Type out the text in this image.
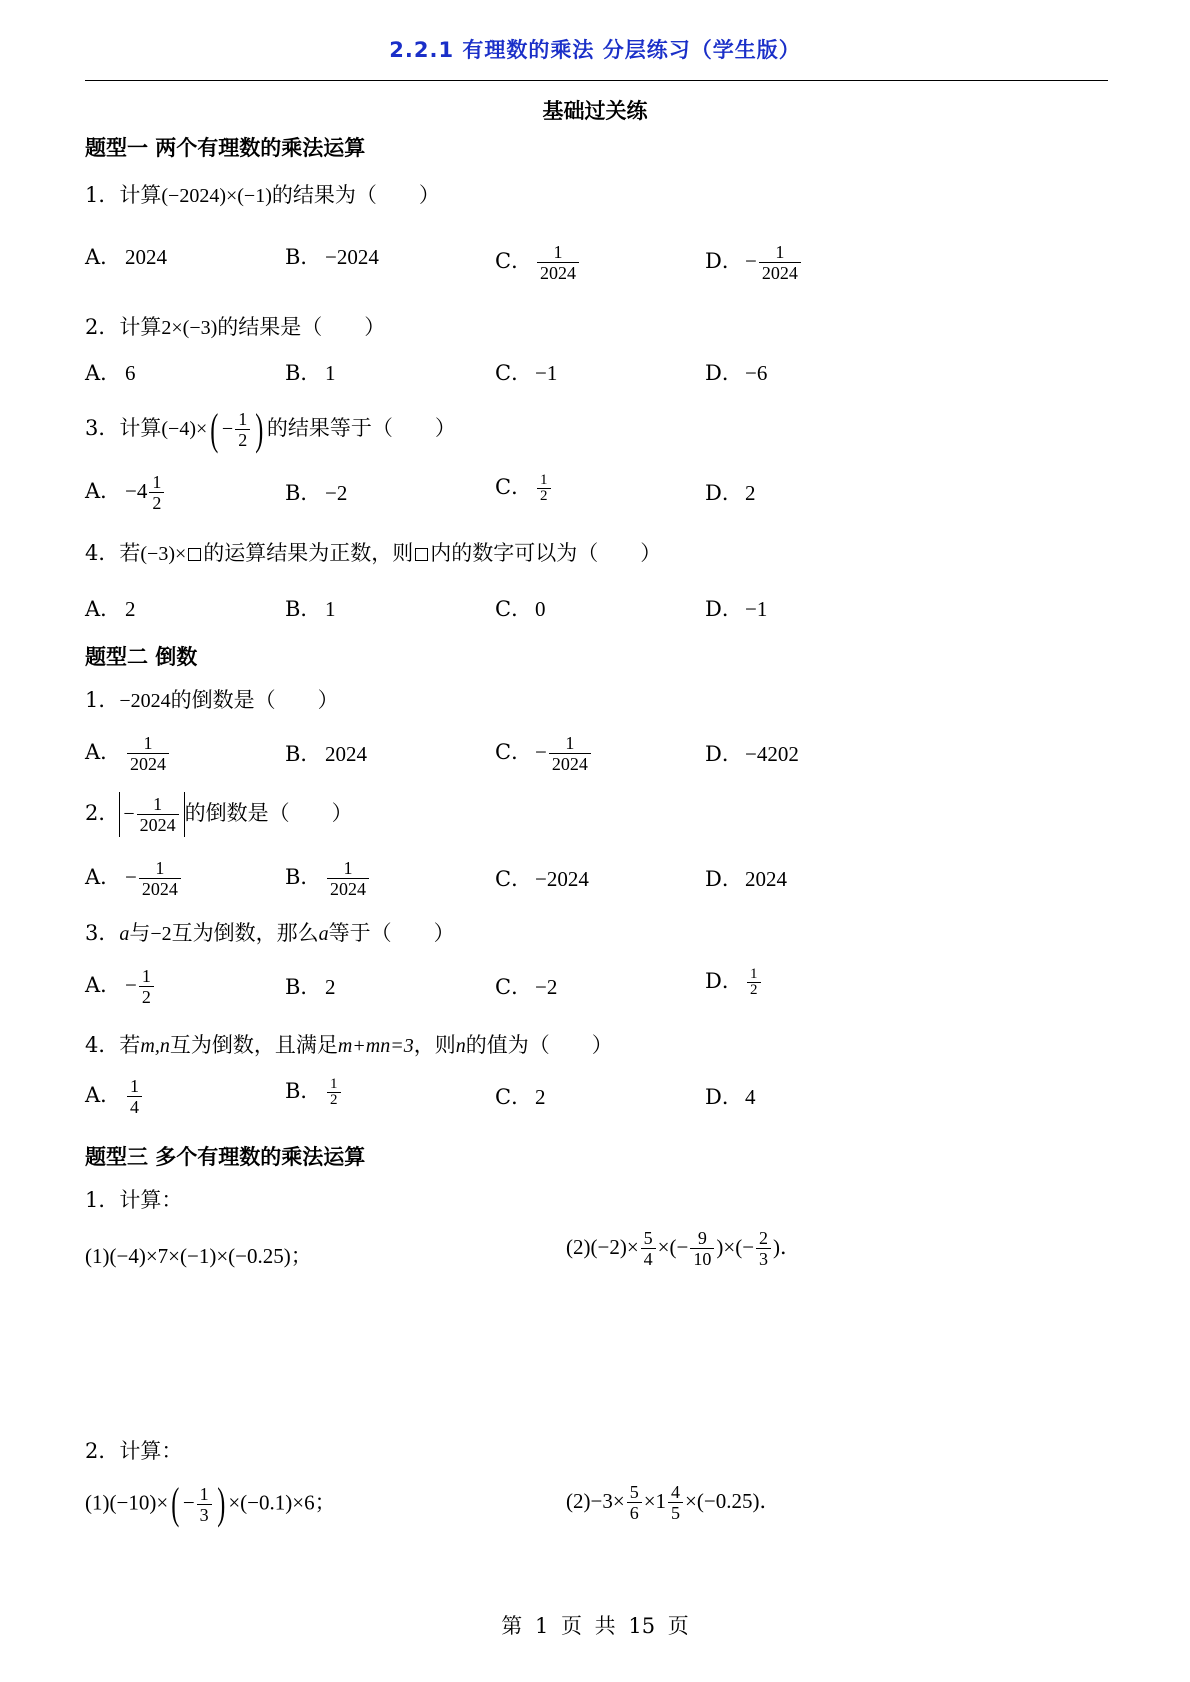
2.2.1 有理数的乘法 分层练习（学生版）
基础过关练
题型一 两个有理数的乘法运算
1．计算(−2024)×(−1)的结果为（　　）
A． 2024	B． −2024	C． $\frac{1}{2024}$	D． − $\frac{1}{2024}$
2．计算2×(−3)的结果是（　　）
A． 6	B． 1	C． −1	D． −6
3．计算$(-4)\times( - \frac{1}{2}$ ) 的结果等于（　　）
A． $-4 \frac{1}{2}$	B． −2	C． $\frac{1}{2}$	D． 2
4．若(−3)× 的运算结果为正数，则 内的数字可以为（　　）
A． 2	B． 1	C． 0	D． −1
题型二 倒数
1．−2024的倒数是（　　）
A． $\frac{1}{2024}$	B． 2024	C． − $\frac{1}{2024}$	D． −4202
2． − $\frac{1}{2024}$ 的倒数是（　　）
A． − $\frac{1}{2024}$	B． $\frac{1}{2024}$	C． −2024	D． 2024
3．a与−2互为倒数，那么a等于（　　）
A． − $\frac{1}{2}$	B． 2	C． −2	D． $\frac{1}{2}$
4．若m,n互为倒数，且满足m+mn=3，则n的值为（　　）
A． $\frac{1}{4}$	B． $\frac{1}{2}$	C． 2	D． 4
题型三 多个有理数的乘法运算
1．计算：
(1)(−4)×7×(−1)×(−0.25)；	$(2)(-2)\times \frac{5}{4}$ ×(− $\frac{9}{10}$ )×(− $\frac{2}{3}$ )．
2．计算：
$(1)(-10)\times( - \frac{1}{3}$ ) ×(−0.1)×6；	$(2)-3\times \frac{5}{6} \times 1 \frac{4}{5} \times(-0.25)$．
第 1 页 共 15 页
